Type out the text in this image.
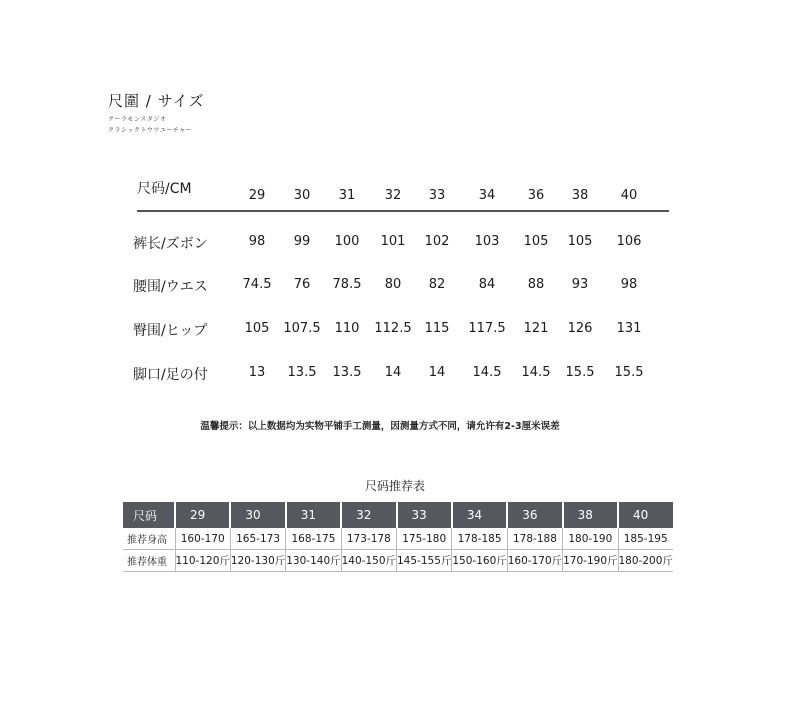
尺圍 / サイズ
クーラモンスタジオ
クラシックトウワユーチャー
尺码/CM	29 30 31 32 33	34 36 38 40
裤长/ズボン	98 99 100 101 102 103 105 105 106
腰围/ウエス	74.5 76 78.5 80 82	84 88 93 98
臀围/ヒップ	105 107.5 110 112.5 115 117.5 121 126 131
脚口/足の付	13 13.5 13.5 14 14 14.5 14.5 15.5 15.5
温馨提示：以上数据均为实物平铺手工测量，因测量方式不同，请允许有2-3厘米误差
尺码推荐表
尺码	29	30	31	32	33	34	36	38	40
推荐身高	160-170	165-173	168-175	173-178	175-180	178-185	178-188	180-190	185-195
推荐体重	110-120斤	120-130斤	130-140斤	140-150斤	145-155斤	150-160斤	160-170斤	170-190斤	180-200斤
